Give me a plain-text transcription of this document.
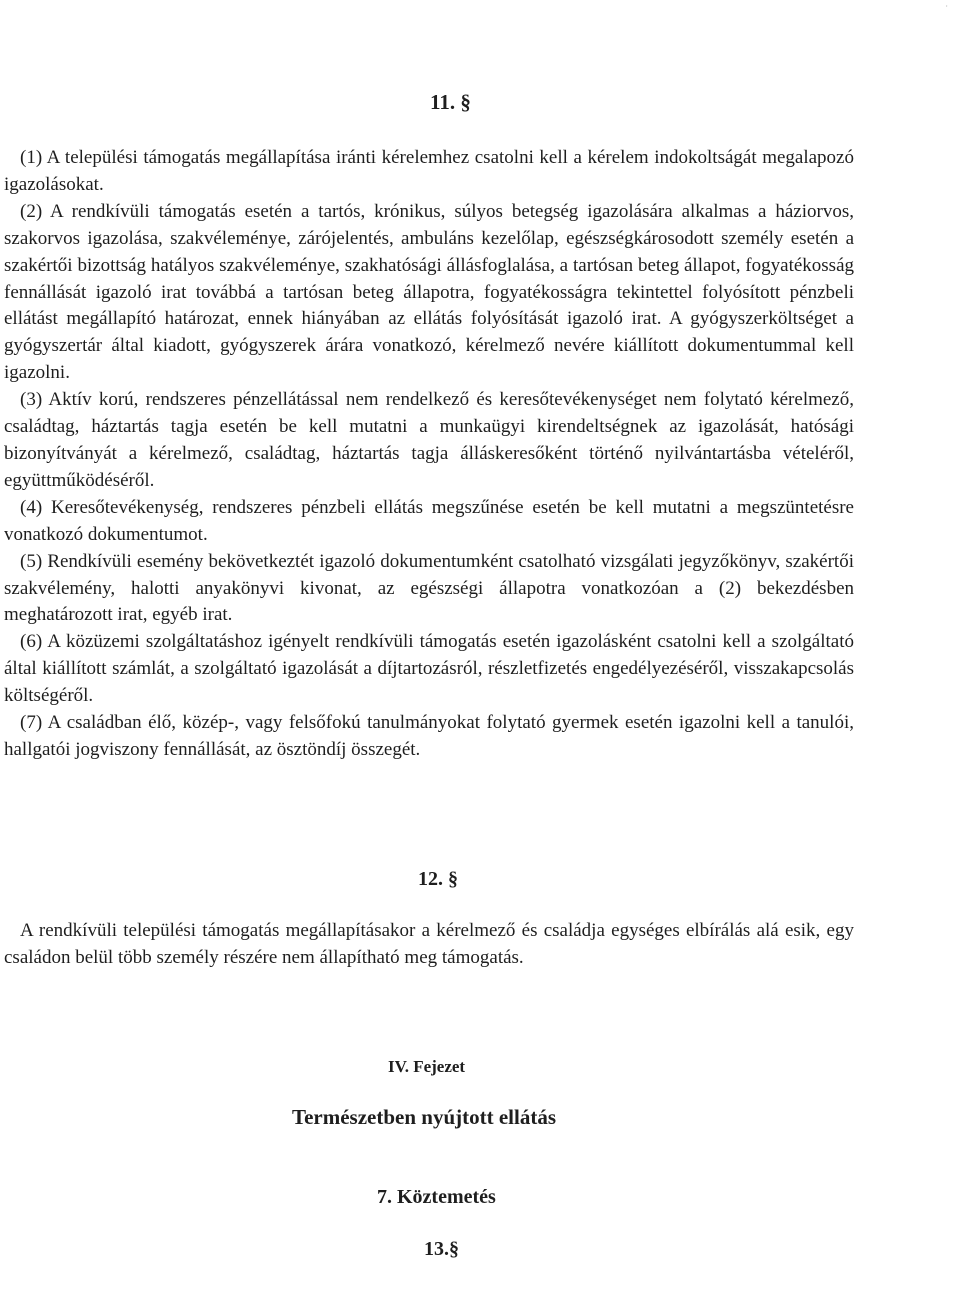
·
11. §

(1) A települési támogatás megállapítása iránti kérelemhez csatolni kell a kérelem indokoltságát megalapozó igazolásokat.

(2) A rendkívüli támogatás esetén a tartós, krónikus, súlyos betegség igazolására alkalmas a háziorvos, szakorvos igazolása, szakvéleménye, zárójelentés, ambuláns kezelőlap, egészségkárosodott személy esetén a szakértői bizottság hatályos szakvéleménye, szakhatósági állásfoglalása, a tartósan beteg állapot, fogyatékosság fennállását igazoló irat továbbá a tartósan beteg állapotra, fogyatékosságra tekintettel folyósított pénzbeli ellátást megállapító határozat, ennek hiányában az ellátás folyósítását igazoló irat. A gyógyszerköltséget a gyógyszertár által kiadott, gyógyszerek árára vonatkozó, kérelmező nevére kiállított dokumentummal kell igazolni.

(3) Aktív korú, rendszeres pénzellátással nem rendelkező és keresőtevékenységet nem folytató kérelmező, családtag, háztartás tagja esetén be kell mutatni a munkaügyi kirendeltségnek az igazolását, hatósági bizonyítványát a kérelmező, családtag, háztartás tagja álláskeresőként történő nyilvántartásba vételéről, együttműködéséről.

(4) Keresőtevékenység, rendszeres pénzbeli ellátás megszűnése esetén be kell mutatni a megszüntetésre vonatkozó dokumentumot.

(5) Rendkívüli esemény bekövetkeztét igazoló dokumentumként csatolható vizsgálati jegyzőkönyv, szakértői szakvélemény, halotti anyakönyvi kivonat, az egészségi állapotra vonatkozóan a (2) bekezdésben meghatározott irat, egyéb irat.

(6) A közüzemi szolgáltatáshoz igényelt rendkívüli támogatás esetén igazolásként csatolni kell a szolgáltató által kiállított számlát, a szolgáltató igazolását a díjtartozásról, részletfizetés engedélyezéséről, visszakapcsolás költségéről.

(7) A családban élő, közép-, vagy felsőfokú tanulmányokat folytató gyermek esetén igazolni kell a tanulói, hallgatói jogviszony fennállását, az ösztöndíj összegét.

12. §

A rendkívüli települési támogatás megállapításakor a kérelmező és családja egységes elbírálás alá esik, egy családon belül több személy részére nem állapítható meg támogatás.

IV. Fejezet
Természetben nyújtott ellátás
7. Köztemetés
13.§
